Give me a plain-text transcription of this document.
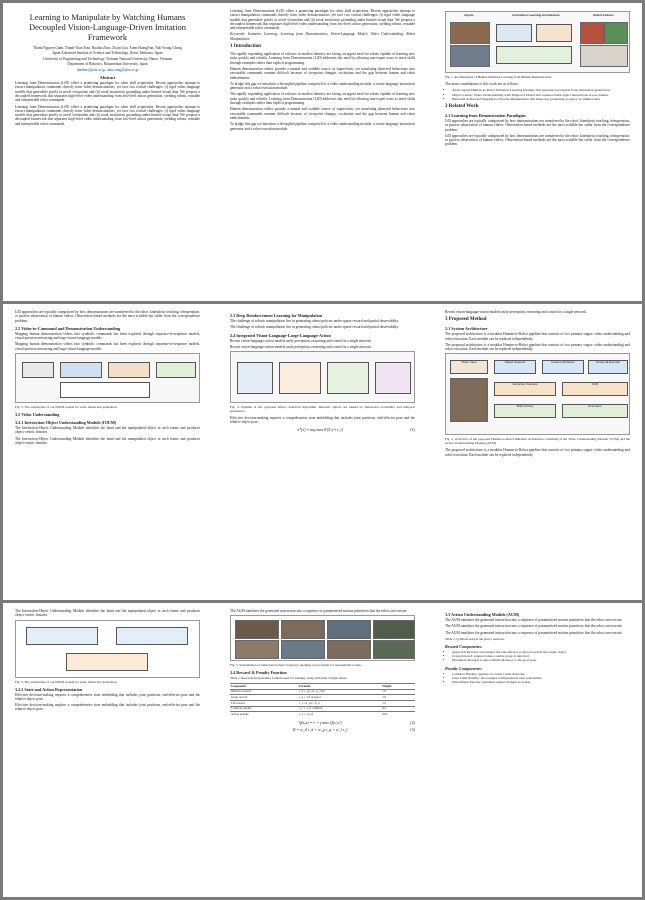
Learning to Manipulate by Watching Humans Decoupled Vision-Language-Driven Imitation Framework
Thanh Nguyen Canh, Thanh-Tuan Tran, Haolan Zhao, Ziyan Gao, Xiem HoangVan, Nak Young Chong
Japan Advanced Institute of Science and Technology, Nomi, Ishikawa, Japan
University of Engineering and Technology, Vietnam National University, Hanoi, Vietnam
Department of Robotics, Ritsumeikan University, Japan
thanhnc@jaist.ac.jp, nakyoung@jaist.ac.jp
Abstract

Learning from Demonstration (LfD) offers a promising paradigm for robot skill acquisition. Recent approaches attempt to extract manipulation commands directly from video demonstrations, yet face two critical challenges: (i) rigid video–language models that generalize poorly to novel viewpoints and (ii) weak instruction grounding under limited visual data. We propose a decoupled framework that separates high-level video understanding from low-level action generation, yielding robust, reusable and interpretable robot commands.

Learning from Demonstration (LfD) offers a promising paradigm for robot skill acquisition. Recent approaches attempt to extract manipulation commands directly from video demonstrations, yet face two critical challenges: (i) rigid video–language models that generalize poorly to novel viewpoints and (ii) weak instruction grounding under limited visual data. We propose a decoupled framework that separates high-level video understanding from low-level action generation, yielding robust, reusable and interpretable robot commands.

Learning from Demonstration (LfD) offers a promising paradigm for robot skill acquisition. Recent approaches attempt to extract manipulation commands directly from video demonstrations, yet face two critical challenges: (i) rigid video–language models that generalize poorly to novel viewpoints and (ii) weak instruction grounding under limited visual data. We propose a decoupled framework that separates high-level video understanding from low-level action generation, yielding robust, reusable and interpretable robot commands.

Keywords: Imitation Learning; Learning from Demonstration; Vision-Language Model; Video Understanding; Robot Manipulation

1 Introduction

The rapidly expanding application of robotics in modern industry are facing an urgent need for robots capable of learning new tasks quickly and reliably. Learning from Demonstration (LfD) addresses this need by allowing non-expert users to teach skills through examples rather than explicit programming.

Human demonstration videos provide a natural and scalable source of supervision, yet translating observed behaviours into executable commands remains difficult because of viewpoint changes, occlusions and the gap between human and robot embodiments.

To bridge this gap we introduce a decoupled pipeline composed of a video understanding module, a vision-language instruction generator and a robot execution module.

The rapidly expanding application of robotics in modern industry are facing an urgent need for robots capable of learning new tasks quickly and reliably. Learning from Demonstration (LfD) addresses this need by allowing non-expert users to teach skills through examples rather than explicit programming.

Human demonstration videos provide a natural and scalable source of supervision, yet translating observed behaviours into executable commands remains difficult because of viewpoint changes, occlusions and the gap between human and robot embodiments.

To bridge this gap we introduce a decoupled pipeline composed of a video understanding module, a vision-language instruction generator and a robot execution module.

Inputs	Instruction Learning Architecture	Robot Actions
Fig. 1. An illustration of Human Imitation Learning from Human Demonstration.

The main contributions of this work are as follows:

• A Decoupled Human-to-Robot Imitation Learning Pipeline that separates perception from instruction generation.
• Object-Centric Video Understanding with Temporal Model that captures hand-object interactions across frames.
• Hierarchical Reward Shaping for Precise Manipulation that improves grounding accuracy on limited data.
2 Related Work
2.1 Learning from Demonstration Paradigms

LfD approaches are typically categorized by how demonstrations are transferred to the robot: kinesthetic teaching, teleoperation, or passive observation of human videos. Observation-based methods are the most scalable but suffer from the correspondence problem.

LfD approaches are typically categorized by how demonstrations are transferred to the robot: kinesthetic teaching, teleoperation, or passive observation of human videos. Observation-based methods are the most scalable but suffer from the correspondence problem.

LfD approaches are typically categorized by how demonstrations are transferred to the robot: kinesthetic teaching, teleoperation, or passive observation of human videos. Observation-based methods are the most scalable but suffer from the correspondence problem.

2.2 Video-to-Command and Demonstration Understanding

Mapping human demonstration videos into symbolic commands has been explored through sequence-to-sequence models, visual question answering and large vision-language models.

Mapping human demonstration videos into symbolic commands has been explored through sequence-to-sequence models, visual question answering and large vision-language models.

Fig. 3. The architecture of our IOUM system for video instruction generation.
3.2 Video Understanding
3.2.1 Interaction-Object Understanding Module (IOUM)

The Interaction-Object Understanding Module identifies the hand and the manipulated object in each frame and produces object-centric features.

The Interaction-Object Understanding Module identifies the hand and the manipulated object in each frame and produces object-centric features.

2.3 Deep Reinforcement Learning for Manipulation

The challenge of robotic manipulation lies in generating robust policies under sparse reward and partial observability.

The challenge of robotic manipulation lies in generating robust policies under sparse reward and partial observability.

2.4 Integrated Vision-Language-Large-Language-Action

Recent vision-language-action models unify perception, reasoning and control in a single network.

Recent vision-language-action models unify perception, reasoning and control in a single network.

Fig. 4. Pipeline of the proposed Object Selection Algorithm. Detected objects are ranked by interaction probability and temporal persistence.

Effective decision-making requires a comprehensive state embedding that includes joint positions, end-effector pose and the relative object pose.

π*(s) = arg max E[Σ γ^t r_t]	(1)

Recent vision-language-action models unify perception, reasoning and control in a single network.

3 Proposed Method
3.1 System Architecture

The proposed architecture is a modular Human-to-Robot pipeline that consists of two primary stages: video understanding and robot execution. Each module can be replaced independently.

The proposed architecture is a modular Human-to-Robot pipeline that consists of two primary stages: video understanding and robot execution. Each module can be replaced independently.

Video Input	Object Detector	Feature Extractor	Temporal Encoder
Instruction Decoder	VLM
Robot Policy	Execution
Fig. 2. Overview of the proposed Human-to-Robot Imitation architecture consisting of the Video Understanding Module (VUM) and the Action Understanding Module (AUM).

The proposed architecture is a modular Human-to-Robot pipeline that consists of two primary stages: video understanding and robot execution. Each module can be replaced independently.

The Interaction-Object Understanding Module identifies the hand and the manipulated object in each frame and produces object-centric features.

Fig. 3. The architecture of our IOUM system for video instruction generation.
3.2.2 State and Action Representation

Effective decision-making requires a comprehensive state embedding that includes joint positions, end-effector pose and the relative object pose.

Effective decision-making requires a comprehensive state embedding that includes joint positions, end-effector pose and the relative object pose.

The AUM translates the generated instruction into a sequence of parametrized motion primitives that the robot can execute.

Fig. 5. Visualization of behavioural object trajectory tracking across frames for representative tasks.
3.4 Reward & Penalty Function
Table 1. Rewards and penalties formula used for training, along with their weight values.
Component	Formula	Weight
Distance reward	r_d = -||p_ee - p_obj||	1.0
Grasp reward	r_g = 1 if grasped	2.0
Lift reward	r_l = h_obj - h_0	1.5
Collision penalty	r_c = -1 if collision	0.5
Action penalty	r_a = -||a_t||	0.01
Q(s,a) = r + γ max Q(s',a')	(2)
R = w_d r_d + w_g r_g + w_l r_l	(3)
3.3 Action Understanding Module (AUM)

The AUM translates the generated instruction into a sequence of parametrized motion primitives that the robot can execute.

The AUM translates the generated instruction into a sequence of parametrized motion primitives that the robot can execute.

The AUM translates the generated instruction into a sequence of parametrized motion primitives that the robot can execute.

Table 2. Symbols used in the policy network.
Reward Components:
• Approach Reward: encourages the end-effector to move towards the target object.
• Grasp Reward: granted when a stable grasp is detected.
• Placement Reward: scales with the distance to the goal pose.
Penalty Components:
• Collision Penalty: applied on contact with obstacles.
• Joint Limit Penalty: discourages configurations near joint limits.
• Smoothness Penalty: penalizes abrupt changes in action.
